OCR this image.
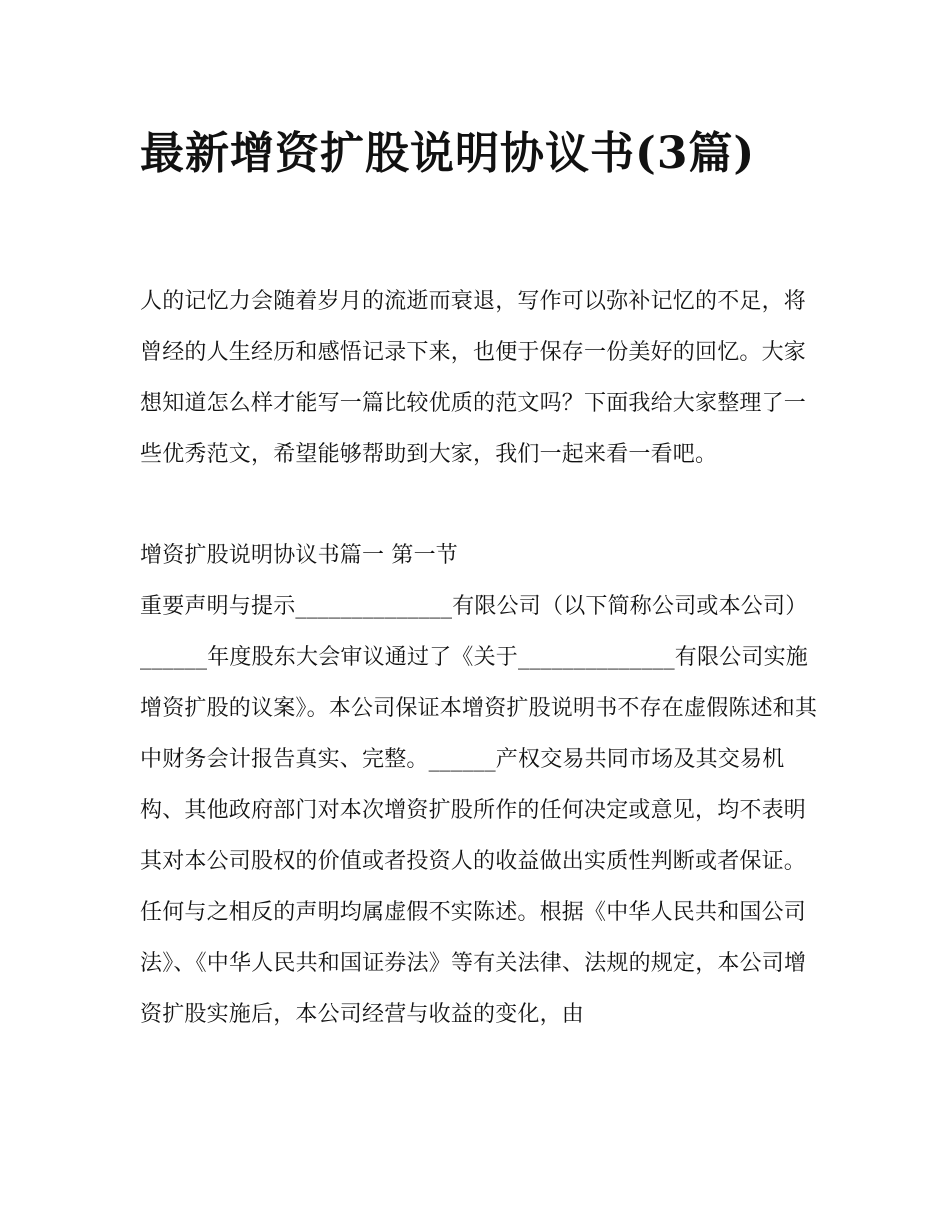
最新增资扩股说明协议书(3篇)

人的记忆力会随着岁月的流逝而衰退，写作可以弥补记忆的不足，将曾经的人生经历和感悟记录下来，也便于保存一份美好的回忆。大家想知道怎么样才能写一篇比较优质的范文吗？下面我给大家整理了一些优秀范文，希望能够帮助到大家，我们一起来看一看吧。

增资扩股说明协议书篇一 第一节

重要声明与提示______________有限公司（以下简称公司或本公司）______年度股东大会审议通过了《关于______________有限公司实施增资扩股的议案》。本公司保证本增资扩股说明书不存在虚假陈述和其中财务会计报告真实、完整。______产权交易共同市场及其交易机构、其他政府部门对本次增资扩股所作的任何决定或意见，均不表明其对本公司股权的价值或者投资人的收益做出实质性判断或者保证。任何与之相反的声明均属虚假不实陈述。根据《中华人民共和国公司法》、《中华人民共和国证券法》等有关法律、法规的规定，本公司增资扩股实施后，本公司经营与收益的变化，由
